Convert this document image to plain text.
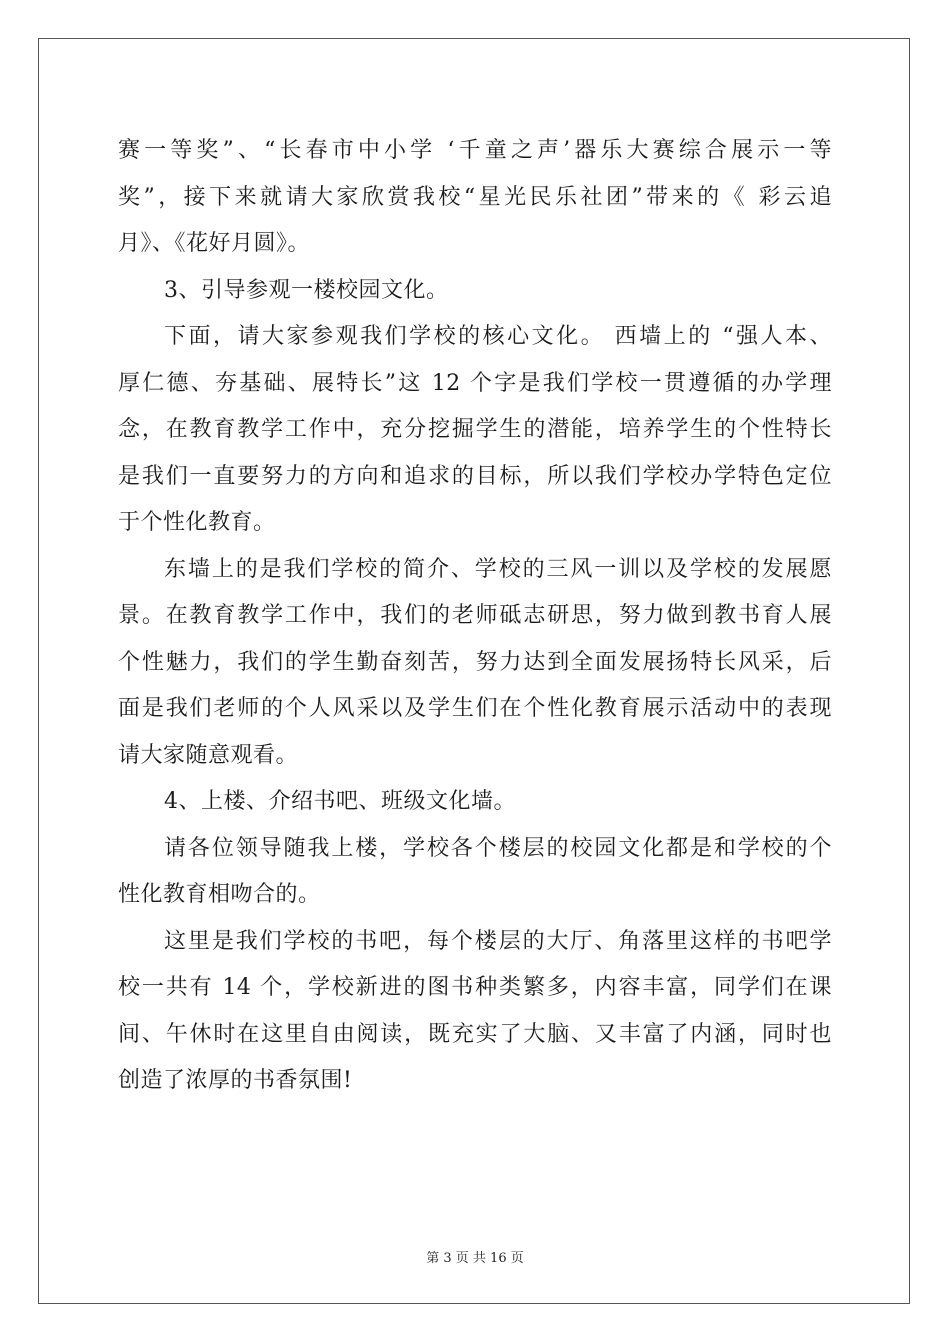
赛一等奖”、“长春市中小学 ‘千童之声’器乐大赛综合展示一等
奖”，接下来就请大家欣赏我校“星光民乐社团”带来的《 彩云追
月》、《花好月圆》。
3、引导参观一楼校园文化。
下面，请大家参观我们学校的核心文化。 西墙上的 “强人本、
厚仁德、夯基础、展特长”这 12 个字是我们学校一贯遵循的办学理
念，在教育教学工作中，充分挖掘学生的潜能，培养学生的个性特长
是我们一直要努力的方向和追求的目标，所以我们学校办学特色定位
于个性化教育。
东墙上的是我们学校的简介、学校的三风一训以及学校的发展愿
景。在教育教学工作中，我们的老师砥志研思，努力做到教书育人展
个性魅力，我们的学生勤奋刻苦，努力达到全面发展扬特长风采，后
面是我们老师的个人风采以及学生们在个性化教育展示活动中的表现
请大家随意观看。
4、上楼、介绍书吧、班级文化墙。
请各位领导随我上楼，学校各个楼层的校园文化都是和学校的个
性化教育相吻合的。
这里是我们学校的书吧，每个楼层的大厅、角落里这样的书吧学
校一共有 14 个，学校新进的图书种类繁多，内容丰富，同学们在课
间、午休时在这里自由阅读，既充实了大脑、又丰富了内涵，同时也
创造了浓厚的书香氛围!
第 3 页 共 16 页
